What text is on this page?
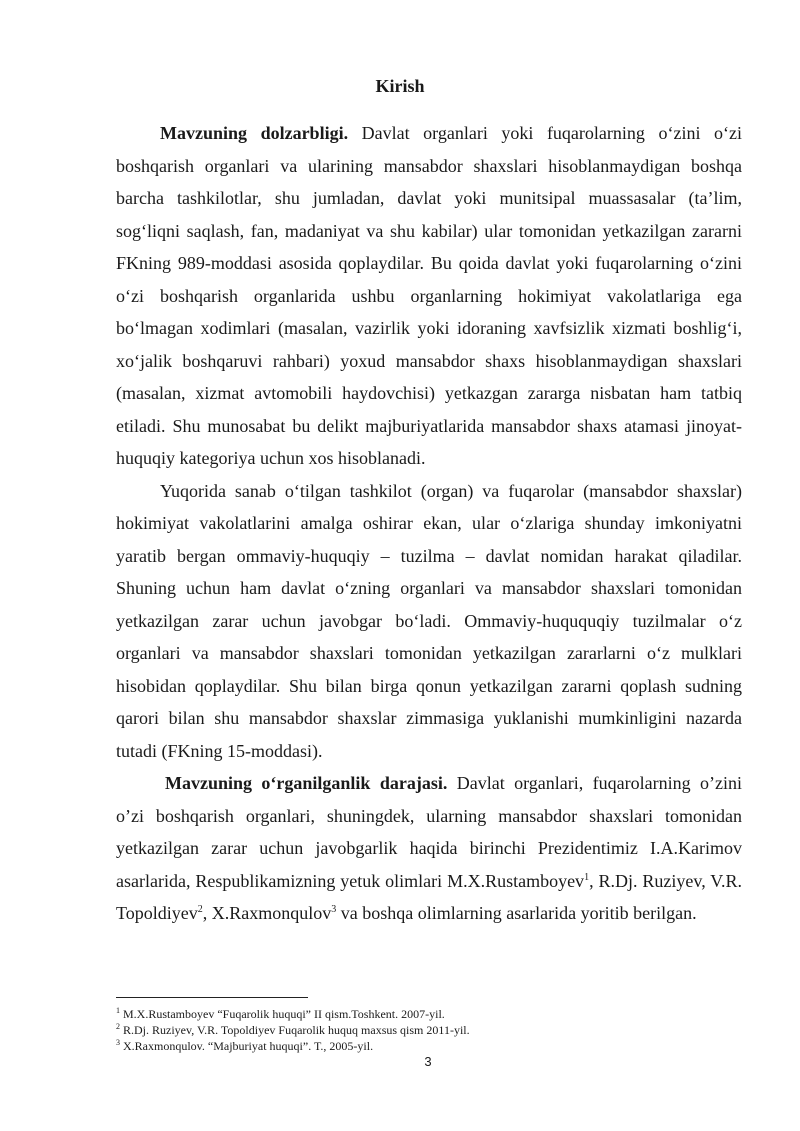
Kirish

Mavzuning dolzarbligi. Davlat organlari yoki fuqarolarning o‘zini o‘zi boshqarish organlari va ularining mansabdor shaxslari hisoblanmaydigan boshqa barcha tashkilotlar, shu jumladan, davlat yoki munitsipal muassasalar (ta’lim, sog‘liqni saqlash, fan, madaniyat va shu kabilar) ular tomonidan yetkazilgan zararni FKning 989-moddasi asosida qoplaydilar. Bu qoida davlat yoki fuqarolarning o‘zini o‘zi boshqarish organlarida ushbu organlarning hokimiyat vakolatlariga ega bo‘lmagan xodimlari (masalan, vazirlik yoki idoraning xavfsizlik xizmati boshlig‘i, xo‘jalik boshqaruvi rahbari) yoxud mansabdor shaxs hisoblanmaydigan shaxslari (masalan, xizmat avtomobili haydovchisi) yetkazgan zararga nisbatan ham tatbiq etiladi. Shu munosabat bu delikt majburiyatlarida mansabdor shaxs atamasi jinoyat-huquqiy kategoriya uchun xos hisoblanadi.

Yuqorida sanab o‘tilgan tashkilot (organ) va fuqarolar (mansabdor shaxslar) hokimiyat vakolatlarini amalga oshirar ekan, ular o‘zlariga shunday imkoniyatni yaratib bergan ommaviy-huquqiy – tuzilma – davlat nomidan harakat qiladilar. Shuning uchun ham davlat o‘zning organlari va mansabdor shaxslari tomonidan yetkazilgan zarar uchun javobgar bo‘ladi. Ommaviy-huququqiy tuzilmalar o‘z organlari va mansabdor shaxslari tomonidan yetkazilgan zararlarni o‘z mulklari hisobidan qoplaydilar. Shu bilan birga qonun yetkazilgan zararni qoplash sudning qarori bilan shu mansabdor shaxslar zimmasiga yuklanishi mumkinligini nazarda tutadi (FKning 15-moddasi).

Mavzuning o‘rganilganlik darajasi. Davlat organlari, fuqarolarning o’zini o’zi boshqarish organlari, shuningdek, ularning mansabdor shaxslari tomonidan yetkazilgan zarar uchun javobgarlik haqida birinchi Prezidentimiz I.A.Karimov asarlarida, Respublikamizning yetuk olimlari M.X.Rustamboyev$^1$, R.Dj. Ruziyev, V.R. Topoldiyev$^2$, X.Raxmonqulov$^3$ va boshqa olimlarning asarlarida yoritib berilgan.

$^1$ M.X.Rustamboyev “Fuqarolik huquqi” II qism.Toshkent. 2007-yil.
$^2$ R.Dj. Ruziyev, V.R. Topoldiyev Fuqarolik huquq maxsus qism 2011-yil.
$^3$ X.Raxmonqulov. “Majburiyat huquqi”. T., 2005-yil.
3
